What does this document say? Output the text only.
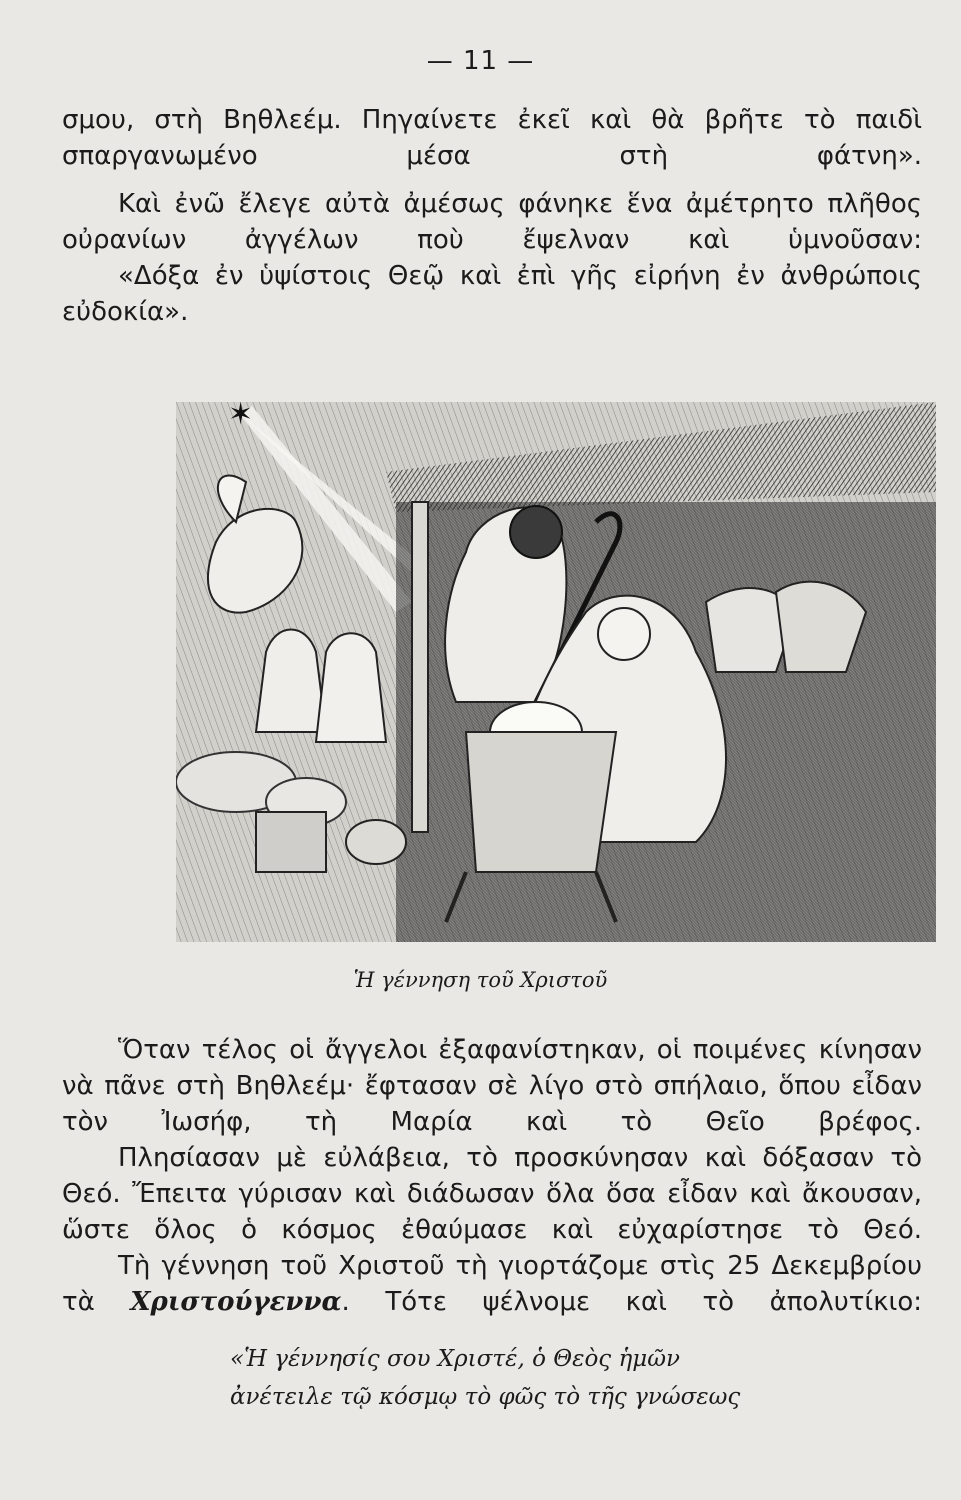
— 11 —

σμου, στὴ Βηθλεέμ. Πηγαίνετε ἐκεῖ καὶ θὰ βρῆτε τὸ παιδὶ σπαργανωμένο μέσα στὴ φάτνη».

Καὶ ἐνῶ ἔλεγε αὐτὰ ἀμέσως φάνηκε ἕνα ἀμέτρητο πλῆθος οὐρανίων ἀγγέλων ποὺ ἔψελναν καὶ ὑμνοῦσαν:

«Δόξα ἐν ὑψίστοις Θεῷ καὶ ἐπὶ γῆς εἰρήνη ἐν ἀνθρώποις εὐδοκία».

✶
Ἡ γέννηση τοῦ Χριστοῦ

Ὅταν τέλος οἱ ἄγγελοι ἐξαφανίστηκαν, οἱ ποιμένες κίνησαν νὰ πᾶνε στὴ Βηθλεέμ· ἔφτασαν σὲ λίγο στὸ σπήλαιο, ὅπου εἶδαν τὸν Ἰωσήφ, τὴ Μαρία καὶ τὸ Θεῖο βρέφος.

Πλησίασαν μὲ εὐλάβεια, τὸ προσκύνησαν καὶ δόξασαν τὸ Θεό. Ἔπειτα γύρισαν καὶ διάδωσαν ὅλα ὅσα εἶδαν καὶ ἄκουσαν, ὥστε ὅλος ὁ κόσμος ἐθαύμασε καὶ εὐχαρίστησε τὸ Θεό.

Τὴ γέννηση τοῦ Χριστοῦ τὴ γιορτάζομε στὶς 25 Δεκεμβρίου τὰ Χριστούγεννα. Τότε ψέλνομε καὶ τὸ ἀπολυτίκιο:

«Ἡ γέννησίς σου Χριστέ, ὁ Θεὸς ἡμῶν
ἀνέτειλε τῷ κόσμῳ τὸ φῶς τὸ τῆς γνώσεως
